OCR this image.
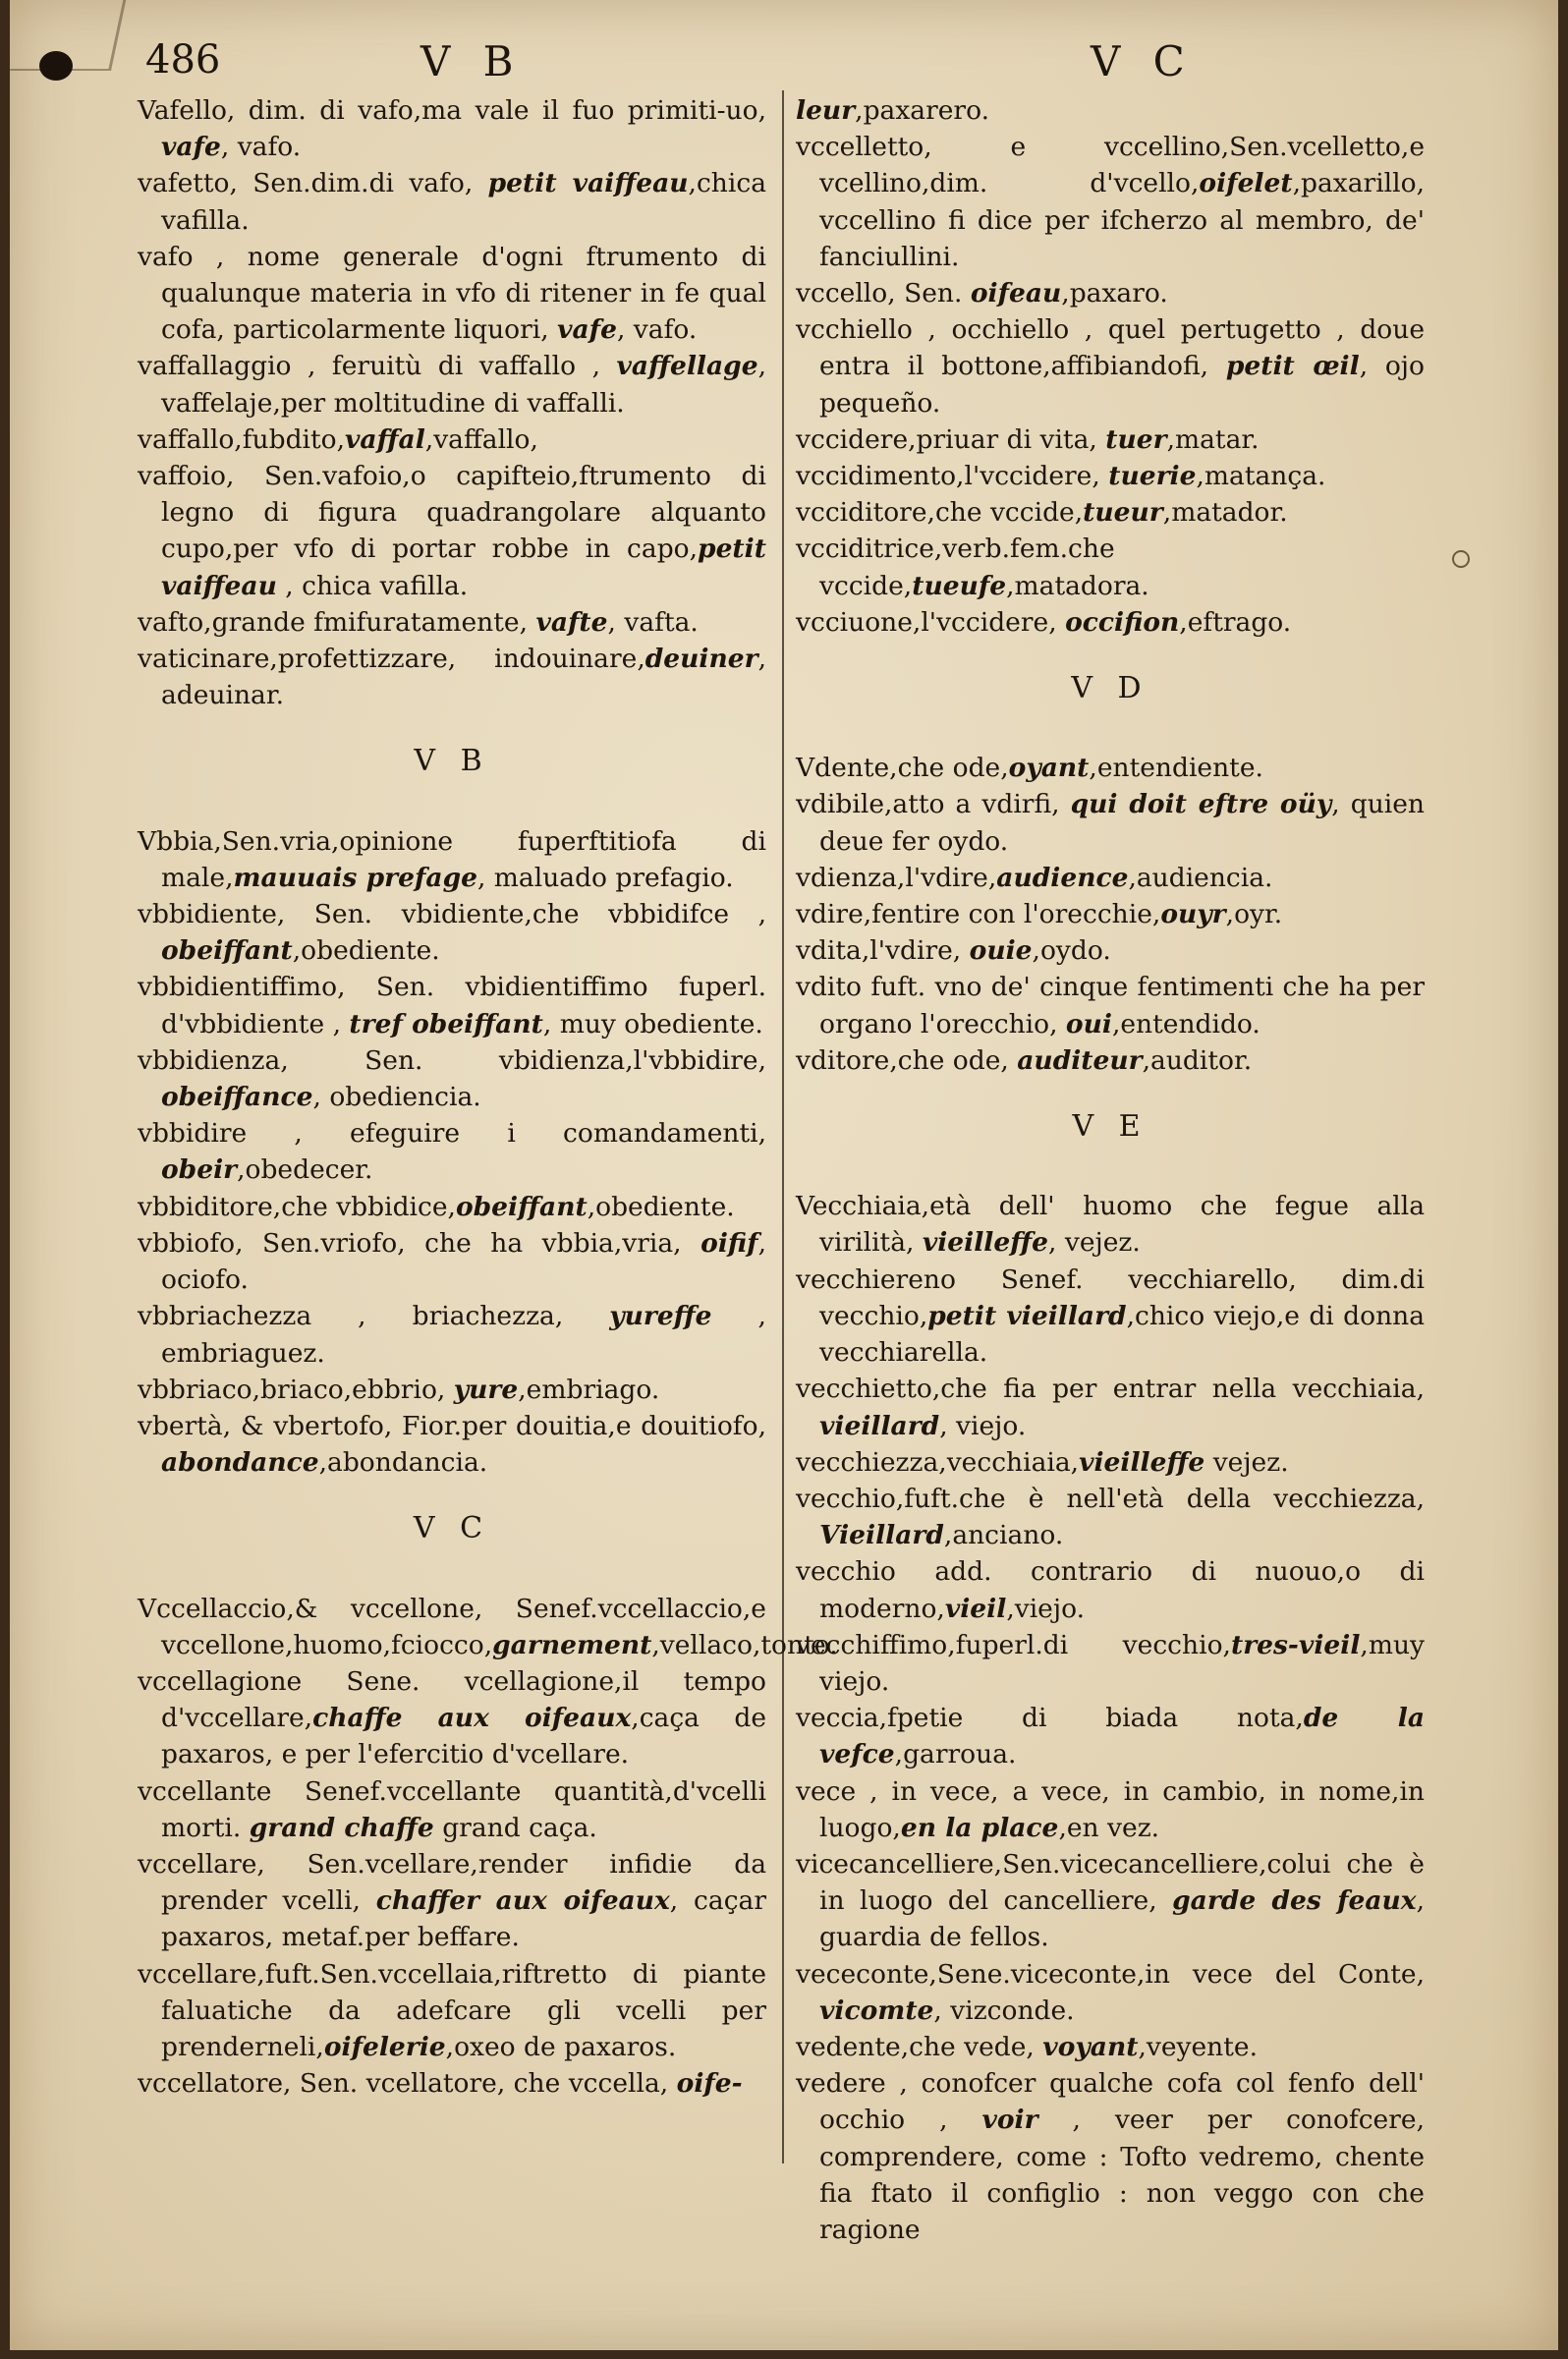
486	V B	V C

Vafello, dim. di vafo,ma vale il fuo primiti-uo, vafe, vafo.

vafetto, Sen.dim.di vafo, petit vaiffeau,chica vafilla.

vafo , nome generale d'ogni ftrumento di qualunque materia in vfo di ritener in fe qual cofa, particolarmente liquori, vafe, vafo.

vaffallaggio , feruitù di vaffallo , vaffellage, vaffelaje,per moltitudine di vaffalli.

vaffallo,fubdito,vaffal,vaffallo,

vaffoio, Sen.vafoio,o capifteio,ftrumento di legno di figura quadrangolare alquanto cupo,per vfo di portar robbe in capo,petit vaiffeau , chica vafilla.

vafto,grande fmifuratamente, vafte, vafta.

vaticinare,profettizzare, indouinare,deuiner, adeuinar.

V B

Vbbia,Sen.vria,opinione fuperftitiofa di male,mauuais prefage, maluado prefagio.

vbbidiente, Sen. vbidiente,che vbbidifce , obeiffant,obediente.

vbbidientiffimo, Sen. vbidientiffimo fuperl. d'vbbidiente , tref obeiffant, muy obediente.

vbbidienza, Sen. vbidienza,l'vbbidire, obeiffance, obediencia.

vbbidire , efeguire i comandamenti, obeir,obedecer.

vbbiditore,che vbbidice,obeiffant,obediente.

vbbiofo, Sen.vriofo, che ha vbbia,vria, oifif, ociofo.

vbbriachezza , briachezza, yureffe , embriaguez.

vbbriaco,briaco,ebbrio, yure,embriago.

vbertà, & vbertofo, Fior.per douitia,e douitiofo, abondance,abondancia.

V C

Vccellaccio,& vccellone, Senef.vccellaccio,e vccellone,huomo,fciocco,garnement,vellaco,tonto.

vccellagione Sene. vcellagione,il tempo d'vccellare,chaffe aux oifeaux,caça de paxaros, e per l'efercitio d'vcellare.

vccellante Senef.vccellante quantità,d'vcelli morti. grand chaffe grand caça.

vccellare, Sen.vcellare,render infidie da prender vcelli, chaffer aux oifeaux, caçar paxaros, metaf.per beffare.

vccellare,fuft.Sen.vccellaia,riftretto di piante faluatiche da adefcare gli vcelli per prenderneli,oifelerie,oxeo de paxaros.

vccellatore, Sen. vcellatore, che vccella, oife-

leur,paxarero.

vccelletto, e vccellino,Sen.vcelletto,e vcellino,dim. d'vcello,oifelet,paxarillo, vccellino fi dice per ifcherzo al membro, de' fanciullini.

vccello, Sen. oifeau,paxaro.

vcchiello , occhiello , quel pertugetto , doue entra il bottone,affibiandofi, petit œil, ojo pequeño.

vccidere,priuar di vita, tuer,matar.

vccidimento,l'vccidere, tuerie,matança.

vcciditore,che vccide,tueur,matador.

vcciditrice,verb.fem.che vccide,tueufe,matadora.

vcciuone,l'vccidere, occifion,eftrago.

V D

Vdente,che ode,oyant,entendiente.

vdibile,atto a vdirfi, qui doit eftre oüy, quien deue fer oydo.

vdienza,l'vdire,audience,audiencia.

vdire,fentire con l'orecchie,ouyr,oyr.

vdita,l'vdire, ouie,oydo.

vdito fuft. vno de' cinque fentimenti che ha per organo l'orecchio, oui,entendido.

vditore,che ode, auditeur,auditor.

V E

Vecchiaia,età dell' huomo che fegue alla virilità, vieilleffe, vejez.

vecchiereno Senef. vecchiarello, dim.di vecchio,petit vieillard,chico viejo,e di donna vecchiarella.

vecchietto,che fia per entrar nella vecchiaia, vieillard, viejo.

vecchiezza,vecchiaia,vieilleffe vejez.

vecchio,fuft.che è nell'età della vecchiezza, Vieillard,anciano.

vecchio add. contrario di nuouo,o di moderno,vieil,viejo.

vecchiffimo,fuperl.di vecchio,tres-vieil,muy viejo.

veccia,fpetie di biada nota,de la vefce,garroua.

vece , in vece, a vece, in cambio, in nome,in luogo,en la place,en vez.

vicecancelliere,Sen.vicecancelliere,colui che è in luogo del cancelliere, garde des feaux, guardia de fellos.

vececonte,Sene.viceconte,in vece del Conte, vicomte, vizconde.

vedente,che vede, voyant,veyente.

vedere , conofcer qualche cofa col fenfo dell' occhio , voir , veer per conofcere, comprendere, come : Tofto vedremo, chente fia ftato il configlio : non veggo con che ragione
